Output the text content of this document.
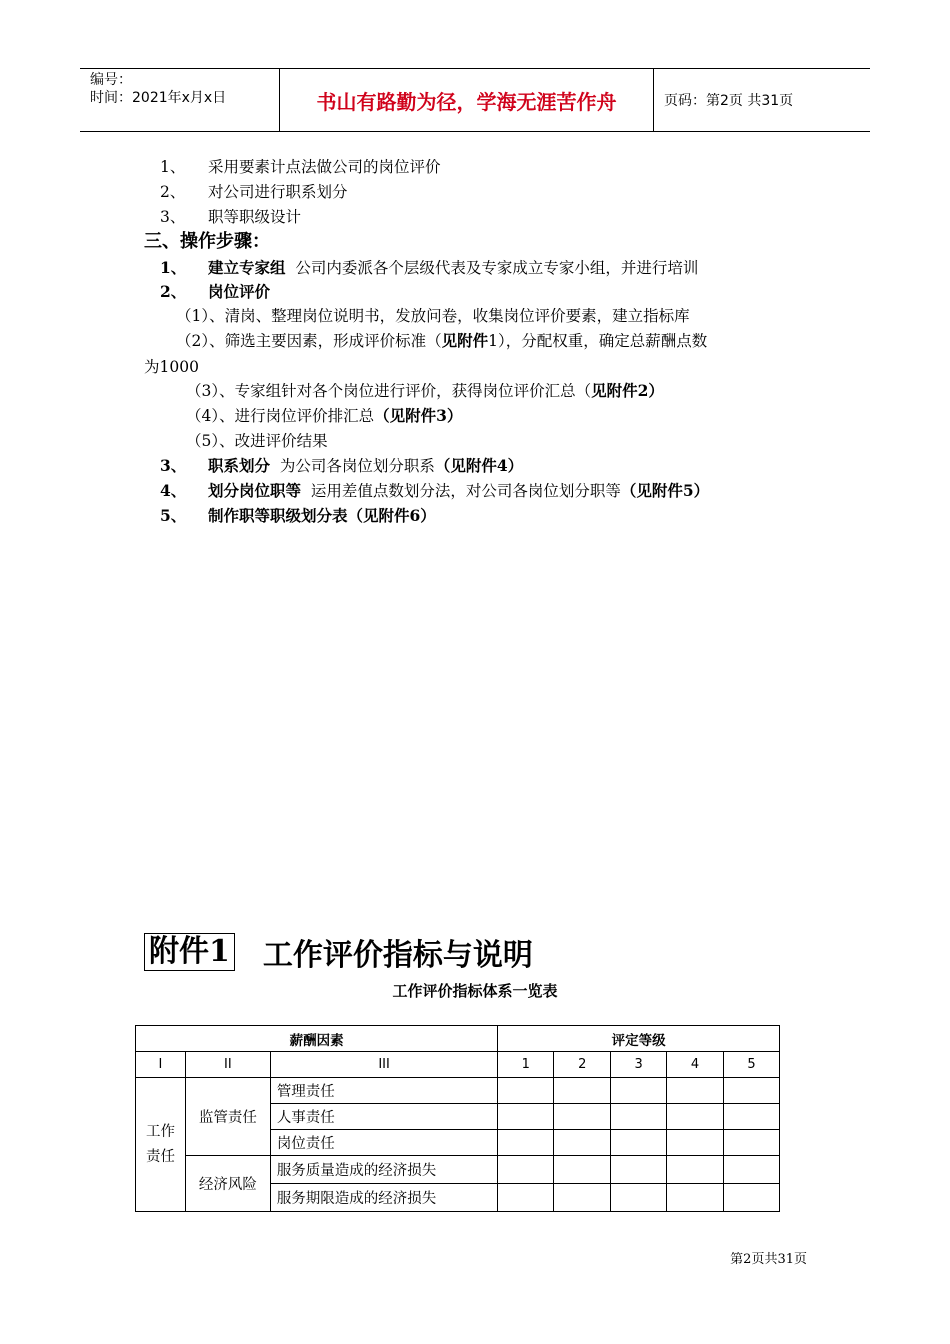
编号：
时间：2021年x月x日	书山有路勤为径，学海无涯苦作舟	页码：第2页 共31页
1、 采用要素计点法做公司的岗位评价
2、 对公司进行职系划分
3、 职等职级设计
三、操作步骤：
1、 建立专家组 公司内委派各个层级代表及专家成立专家小组，并进行培训
2、 岗位评价
（1）、清岗、整理岗位说明书，发放问卷，收集岗位评价要素，建立指标库
（2）、筛选主要因素，形成评价标准（见附件1），分配权重，确定总薪酬点数
为1000
（3）、专家组针对各个岗位进行评价，获得岗位评价汇总（见附件2）
（4）、进行岗位评价排汇总（见附件3）
（5）、改进评价结果
3、 职系划分 为公司各岗位划分职系（见附件4）
4、 划分岗位职等 运用差值点数划分法，对公司各岗位划分职等（见附件5）
5、 制作职等职级划分表（见附件6）
附件1 工作评价指标与说明
工作评价指标体系一览表
薪酬因素			评定等级				
I	II	III	1	2	3	4	5
工作责任	监管责任	管理责任					
		人事责任					
		岗位责任					
	经济风险	服务质量造成的经济损失					
		服务期限造成的经济损失					
第2页共31页
